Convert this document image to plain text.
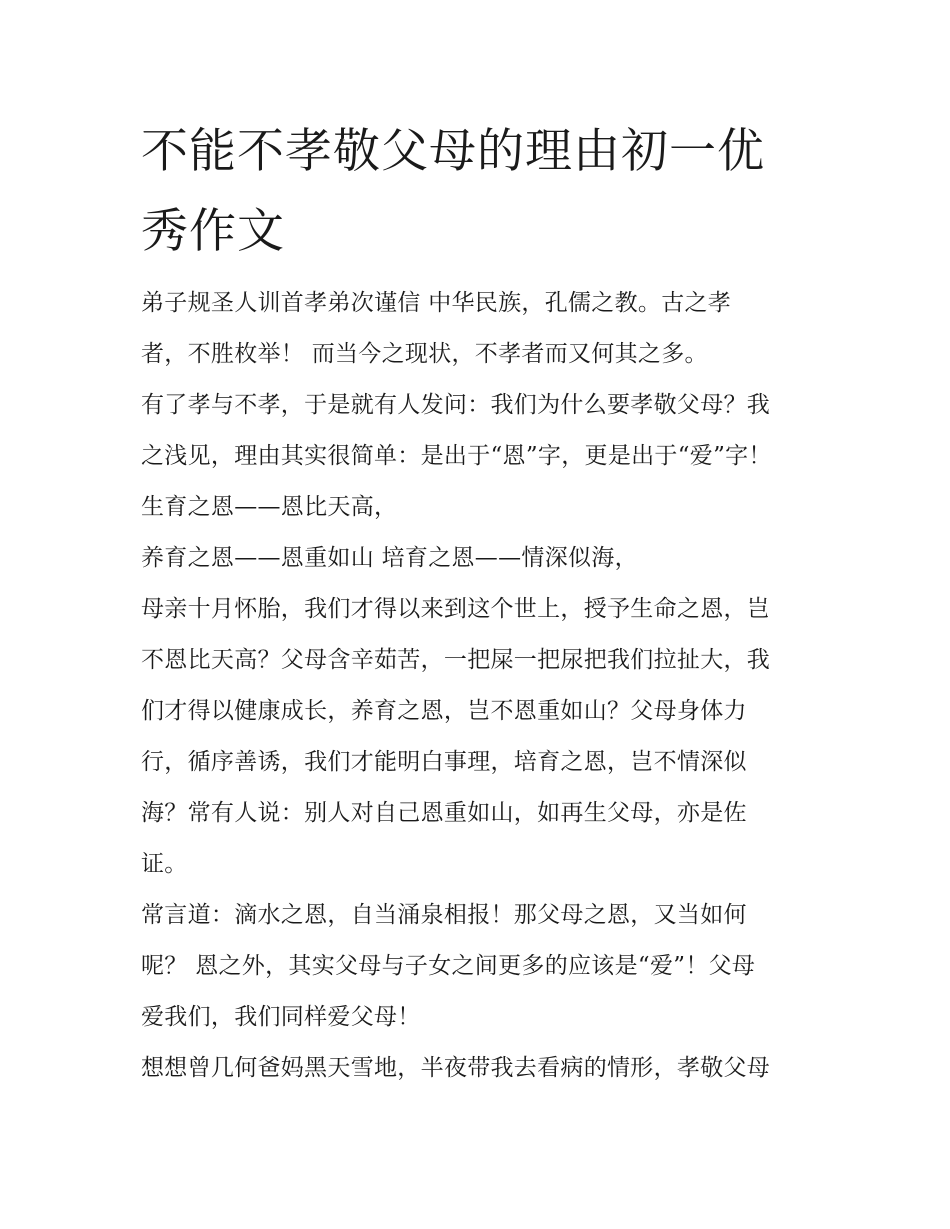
不能不孝敬父母的理由初一优
秀作文
弟子规圣人训首孝弟次谨信 中华民族，孔儒之教。古之孝
者，不胜枚举！ 而当今之现状，不孝者而又何其之多。
有了孝与不孝，于是就有人发问：我们为什么要孝敬父母？我
之浅见，理由其实很简单：是出于“恩”字，更是出于“爱”字！
生育之恩——恩比天高，
养育之恩——恩重如山 培育之恩——情深似海，
母亲十月怀胎，我们才得以来到这个世上，授予生命之恩，岂
不恩比天高？父母含辛茹苦，一把屎一把尿把我们拉扯大，我
们才得以健康成长，养育之恩，岂不恩重如山？父母身体力
行，循序善诱，我们才能明白事理，培育之恩，岂不情深似
海？常有人说：别人对自己恩重如山，如再生父母，亦是佐
证。
常言道：滴水之恩，自当涌泉相报！那父母之恩，又当如何
呢？ 恩之外，其实父母与子女之间更多的应该是“爱”！父母
爱我们，我们同样爱父母！
想想曾几何爸妈黑天雪地，半夜带我去看病的情形，孝敬父母
